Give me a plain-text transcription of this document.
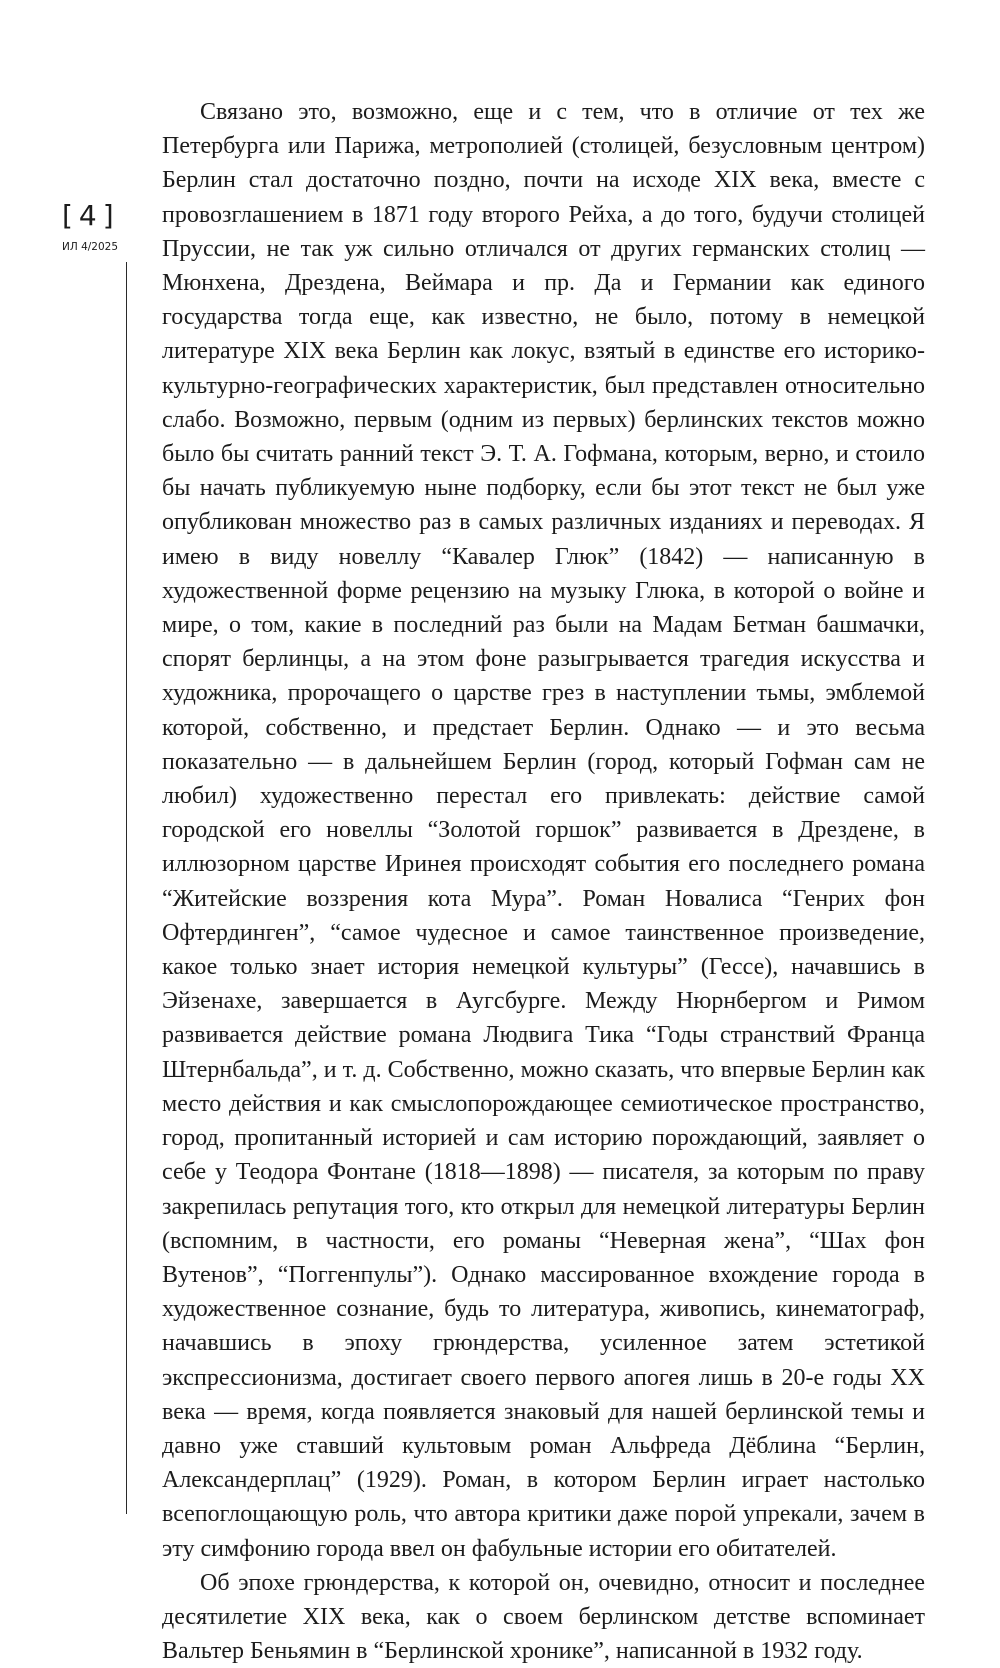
[4]
ИЛ 4/2025

Связано это, возможно, еще и с тем, что в отличие от тех же Петербурга или Парижа, метрополией (столицей, безусловным центром) Берлин стал достаточно поздно, почти на исходе XIX века, вместе с провозглашением в 1871 году второго Рейха, а до того, будучи столицей Пруссии, не так уж сильно отличался от других германских столиц — Мюнхена, Дрездена, Веймара и пр. Да и Германии как единого государства тогда еще, как известно, не было, потому в немецкой литературе XIX века Берлин как локус, взятый в единстве его историко-культурно-географических характеристик, был представлен относительно слабо. Возможно, первым (одним из первых) берлинских текстов можно было бы считать ранний текст Э. Т. А. Гофмана, которым, верно, и стоило бы начать публикуемую ныне подборку, если бы этот текст не был уже опубликован множество раз в самых различных изданиях и переводах. Я имею в виду новеллу “Кавалер Глюк” (1842) — написанную в художественной форме рецензию на музыку Глюка, в которой о войне и мире, о том, какие в последний раз были на Мадам Бетман башмачки, спорят берлинцы, а на этом фоне разыгрывается трагедия искусства и художника, пророчащего о царстве грез в наступлении тьмы, эмблемой которой, собственно, и предстает Берлин. Однако — и это весьма показательно — в дальнейшем Берлин (город, который Гофман сам не любил) художественно перестал его привлекать: действие самой городской его новеллы “Золотой горшок” развивается в Дрездене, в иллюзорном царстве Иринея происходят события его последнего романа “Житейские воззрения кота Мура”. Роман Новалиса “Генрих фон Офтердинген”, “самое чудесное и самое таинственное произведение, какое только знает история немецкой культуры” (Гессе), начавшись в Эйзенахе, завершается в Аугсбурге. Между Нюрнбергом и Римом развивается действие романа Людвига Тика “Годы странствий Франца Штернбальда”, и т. д. Собственно, можно сказать, что впервые Берлин как место действия и как смыслопорождающее семиотическое пространство, город, пропитанный историей и сам историю порождающий, заявляет о себе у Теодора Фонтане (1818—1898) — писателя, за которым по праву закрепилась репутация того, кто открыл для немецкой литературы Берлин (вспомним, в частности, его романы “Неверная жена”, “Шах фон Вутенов”, “Поггенпулы”). Однако массированное вхождение города в художественное сознание, будь то литература, живопись, кинематограф, начавшись в эпоху грюндерства, усиленное затем эстетикой экспрессионизма, достигает своего первого апогея лишь в 20-е годы XX века — время, когда появляется знаковый для нашей берлинской темы и давно уже ставший культовым роман Альфреда Дёблина “Берлин, Александерплац” (1929). Роман, в котором Берлин играет настолько всепоглощающую роль, что автора критики даже порой упрекали, зачем в эту симфонию города ввел он фабульные истории его обитателей.

Об эпохе грюндерства, к которой он, очевидно, относит и последнее десятилетие XIX века, как о своем берлинском детстве вспоминает Вальтер Беньямин в “Берлинской хронике”, написанной в 1932 году.
